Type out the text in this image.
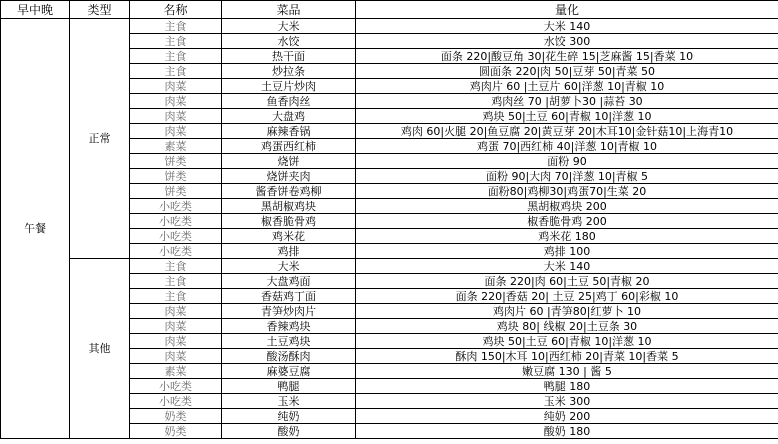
早中晚	类型	名称	菜品	量化
午餐	正常	主食	大米	大米 140
		主食	水饺	水饺 300
		主食	热干面	面条 220|酸豆角 30|花生碎 15|芝麻酱 15|香菜 10
		主食	炒拉条	圆面条 220|肉 50|豆芽 50|青菜 50
		肉菜	土豆片炒肉	鸡肉片 60 |土豆片 60|洋葱 10|青椒 10
		肉菜	鱼香肉丝	鸡肉丝 70 |胡萝卜30 |蒜苔 30
		肉菜	大盘鸡	鸡块 50|土豆 60|青椒 10|洋葱 10
		肉菜	麻辣香锅	鸡肉 60|火腿 20|鱼豆腐 20|黄豆芽 20|木耳10|金针菇10|上海青10
		素菜	鸡蛋西红柿	鸡蛋 70|西红柿 40|洋葱 10|青椒 10
		饼类	烧饼	面粉 90
		饼类	烧饼夹肉	面粉 90|大肉 70|洋葱 10|青椒 5
		饼类	酱香饼卷鸡柳	面粉80|鸡柳30|鸡蛋70|生菜 20
		小吃类	黑胡椒鸡块	黑胡椒鸡块 200
		小吃类	椒香脆骨鸡	椒香脆骨鸡 200
		小吃类	鸡米花	鸡米花 180
		小吃类	鸡排	鸡排 100
	其他	主食	大米	大米 140
		主食	大盘鸡面	面条 220|肉 60|土豆 50|青椒 20
		主食	香菇鸡丁面	面条 220|香菇 20| 土豆 25|鸡丁 60|彩椒 10
		肉菜	青笋炒肉片	鸡肉片 60 |青笋80|红萝卜 10
		肉菜	香辣鸡块	鸡块 80| 线椒 20|土豆条 30
		肉菜	土豆鸡块	鸡块 50|土豆 60|青椒 10|洋葱 10
		肉菜	酸汤酥肉	酥肉 150|木耳 10|西红柿 20|青菜 10|香菜 5
		素菜	麻婆豆腐	嫩豆腐 130 | 酱 5
		小吃类	鸭腿	鸭腿 180
		小吃类	玉米	玉米 300
		奶类	纯奶	纯奶 200
		奶类	酸奶	酸奶 180
